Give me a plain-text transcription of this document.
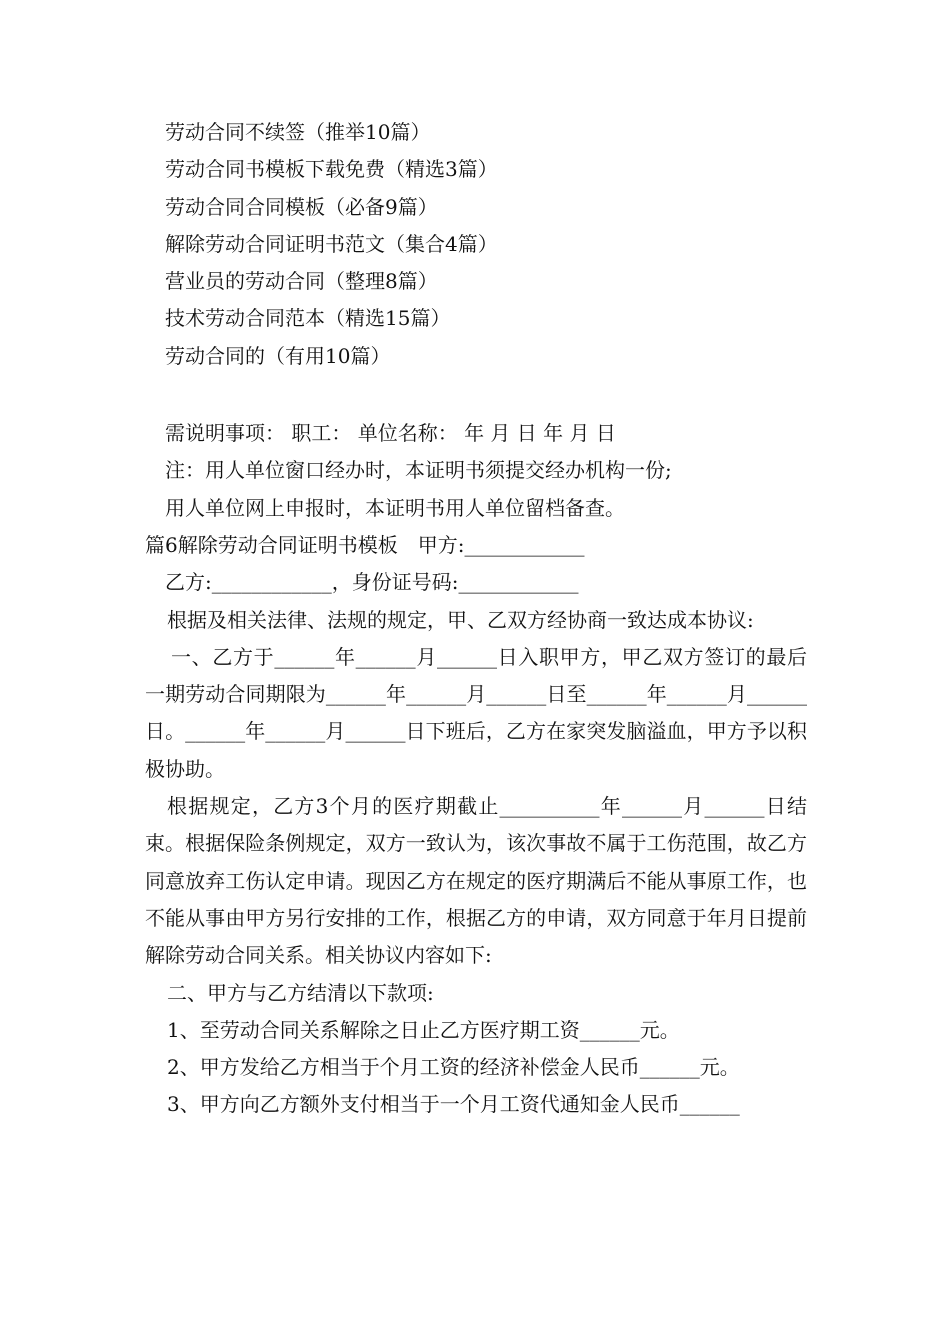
劳动合同不续签（推举10篇）
劳动合同书模板下载免费（精选3篇）
劳动合同合同模板（必备9篇）
解除劳动合同证明书范文（集合4篇）
营业员的劳动合同（整理8篇）
技术劳动合同范本（精选15篇）
劳动合同的（有用10篇）
需说明事项： 职工： 单位名称： 年 月 日 年 月 日
注：用人单位窗口经办时，本证明书须提交经办机构一份;
用人单位网上申报时，本证明书用人单位留档备查。
篇6解除劳动合同证明书模板　甲方:____________
乙方:____________，身份证号码:____________
根据及相关法律、法规的规定，甲、乙双方经协商一致达成本协议:
一、乙方于______年______月______日入职甲方，甲乙双方签订的最后一期劳动合同期限为______年______月______日至______年______月______日。______年______月______日下班后，乙方在家突发脑溢血，甲方予以积极协助。
根据规定，乙方3个月的医疗期截止__________年______月______日结束。根据保险条例规定，双方一致认为，该次事故不属于工伤范围，故乙方同意放弃工伤认定申请。现因乙方在规定的医疗期满后不能从事原工作，也不能从事由甲方另行安排的工作，根据乙方的申请，双方同意于年月日提前解除劳动合同关系。相关协议内容如下:
二、甲方与乙方结清以下款项:
1、至劳动合同关系解除之日止乙方医疗期工资______元。
2、甲方发给乙方相当于个月工资的经济补偿金人民币______元。
3、甲方向乙方额外支付相当于一个月工资代通知金人民币______
